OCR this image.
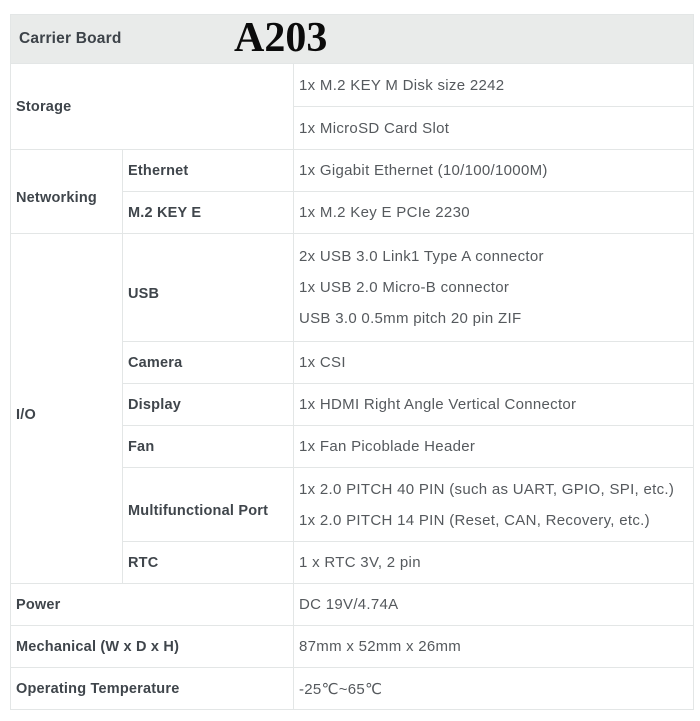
Carrier Board A203		

Storage		1x M.2 KEY M Disk size 2242
		1x MicroSD Card Slot
Networking	Ethernet	1x Gigabit Ethernet (10/100/1000M)
	M.2 KEY E	1x M.2 Key E PCIe 2230
I/O	USB	2x USB 3.0 Link1 Type A connector

1x USB 2.0 Micro-B connector

USB 3.0 0.5mm pitch 20 pin ZIF

	Camera	1x CSI
	Display	1x HDMI Right Angle Vertical Connector
	Fan	1x Fan Picoblade Header
	Multifunctional Port	1x 2.0 PITCH 40 PIN (such as UART, GPIO, SPI, etc.)

1x 2.0 PITCH 14 PIN (Reset, CAN, Recovery, etc.)

	RTC	1 x RTC 3V, 2 pin
Power		DC 19V/4.74A
Mechanical (W x D x H)		87mm x 52mm x 26mm
Operating Temperature		-25℃~65℃
